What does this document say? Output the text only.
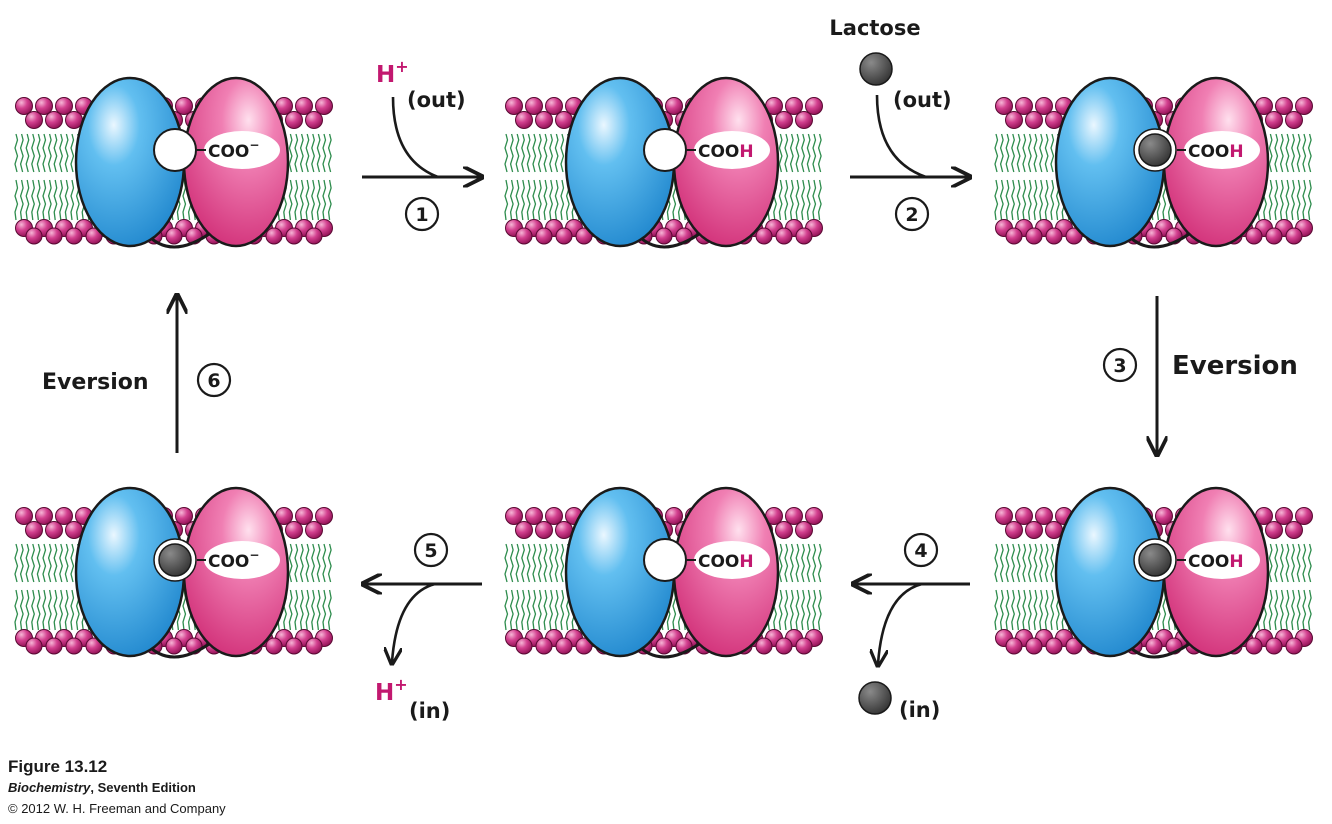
COO−	COOH	COOH
COOH
COOH
COO−
1
H+
(out)
Lactose
(out)
2
3 Eversion
4
(in)
5
H+
(in)
6
Eversion
Figure 13.12
Biochemistry, Seventh Edition
© 2012 W. H. Freeman and Company
